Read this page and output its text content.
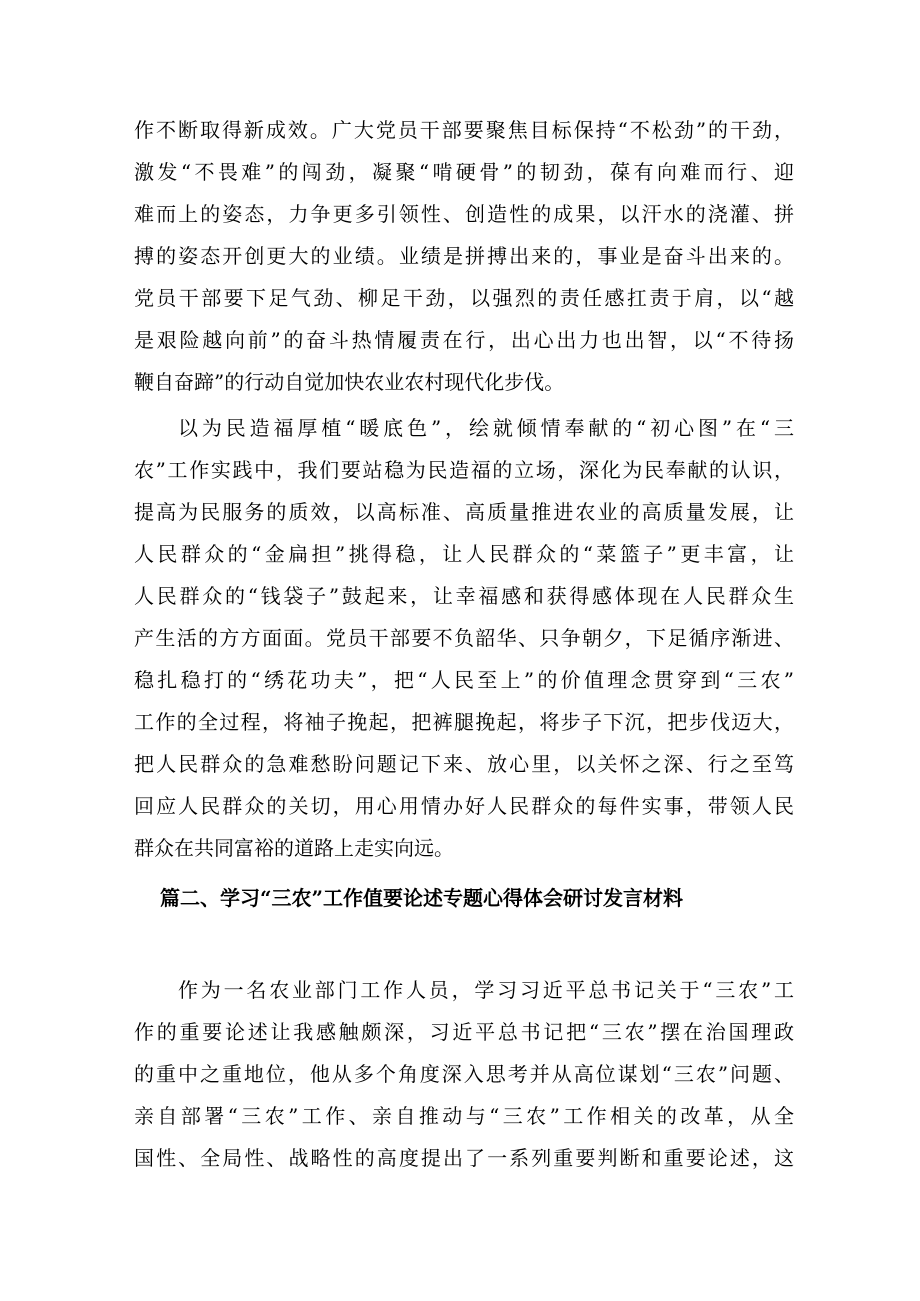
作不断取得新成效。广大党员干部要聚焦目标保持“不松劲”的干劲，
激发“不畏难”的闯劲，凝聚“啃硬骨”的韧劲，葆有向难而行、迎
难而上的姿态，力争更多引领性、创造性的成果，以汗水的浇灌、拼
搏的姿态开创更大的业绩。业绩是拼搏出来的，事业是奋斗出来的。
党员干部要下足气劲、柳足干劲，以强烈的责任感扛责于肩，以“越
是艰险越向前”的奋斗热情履责在行，出心出力也出智，以“不待扬
鞭自奋蹄”的行动自觉加快农业农村现代化步伐。
以为民造福厚植“暖底色”，绘就倾情奉献的“初心图”在“三
农”工作实践中，我们要站稳为民造福的立场，深化为民奉献的认识，
提高为民服务的质效，以高标准、高质量推进农业的高质量发展，让
人民群众的“金扁担”挑得稳，让人民群众的“菜篮子”更丰富，让
人民群众的“钱袋子”鼓起来，让幸福感和获得感体现在人民群众生
产生活的方方面面。党员干部要不负韶华、只争朝夕，下足循序渐进、
稳扎稳打的“绣花功夫”，把“人民至上”的价值理念贯穿到“三农”
工作的全过程，将袖子挽起，把裤腿挽起，将步子下沉，把步伐迈大，
把人民群众的急难愁盼问题记下来、放心里，以关怀之深、行之至笃
回应人民群众的关切，用心用情办好人民群众的每件实事，带领人民
群众在共同富裕的道路上走实向远。
篇二、学习“三农”工作值要论述专题心得体会研讨发言材料
作为一名农业部门工作人员，学习习近平总书记关于“三农”工
作的重要论述让我感触颇深，习近平总书记把“三农”摆在治国理政
的重中之重地位，他从多个角度深入思考并从高位谋划“三农”问题、
亲自部署“三农”工作、亲自推动与“三农”工作相关的改革，从全
国性、全局性、战略性的高度提出了一系列重要判断和重要论述，这
